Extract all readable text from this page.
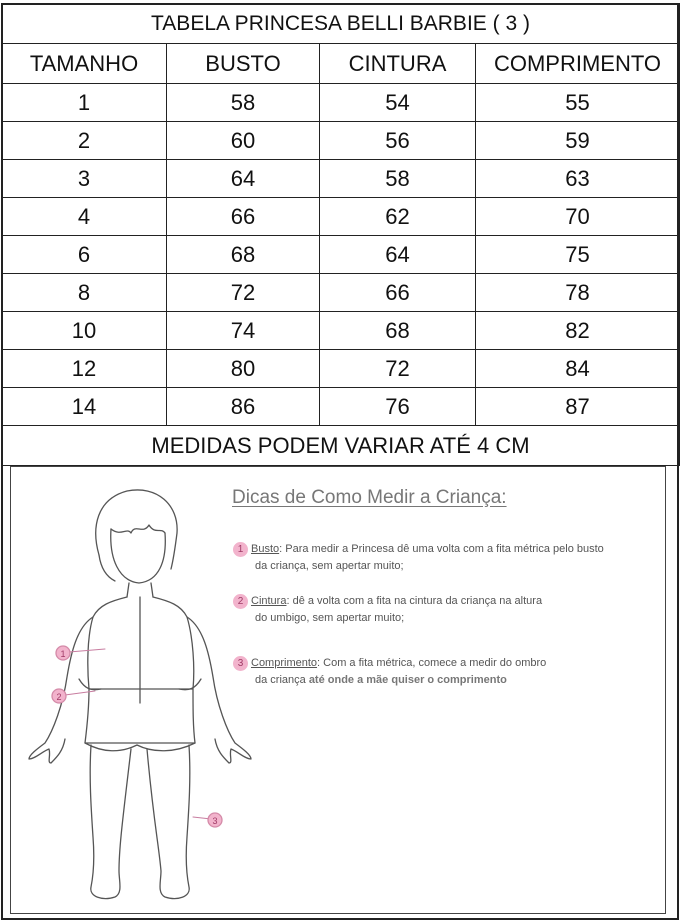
TABELA PRINCESA BELLI BARBIE ( 3 )			
TAMANHO	BUSTO	CINTURA	COMPRIMENTO
1	58	54	55
2	60	56	59
3	64	58	63
4	66	62	70
6	68	64	75
8	72	66	78
10	74	68	82
12	80	72	84
14	86	76	87
MEDIDAS PODEM VARIAR ATÉ 4 CM			
1
2
3
Dicas de Como Medir a Criança:
1 Busto: Para medir a Princesa dê uma volta com a fita métrica pelo busto
da criança, sem apertar muito;
2 Cintura: dê a volta com a fita na cintura da criança na altura
do umbigo, sem apertar muito;
3 Comprimento: Com a fita métrica, comece a medir do ombro
da criança até onde a mãe quiser o comprimento
